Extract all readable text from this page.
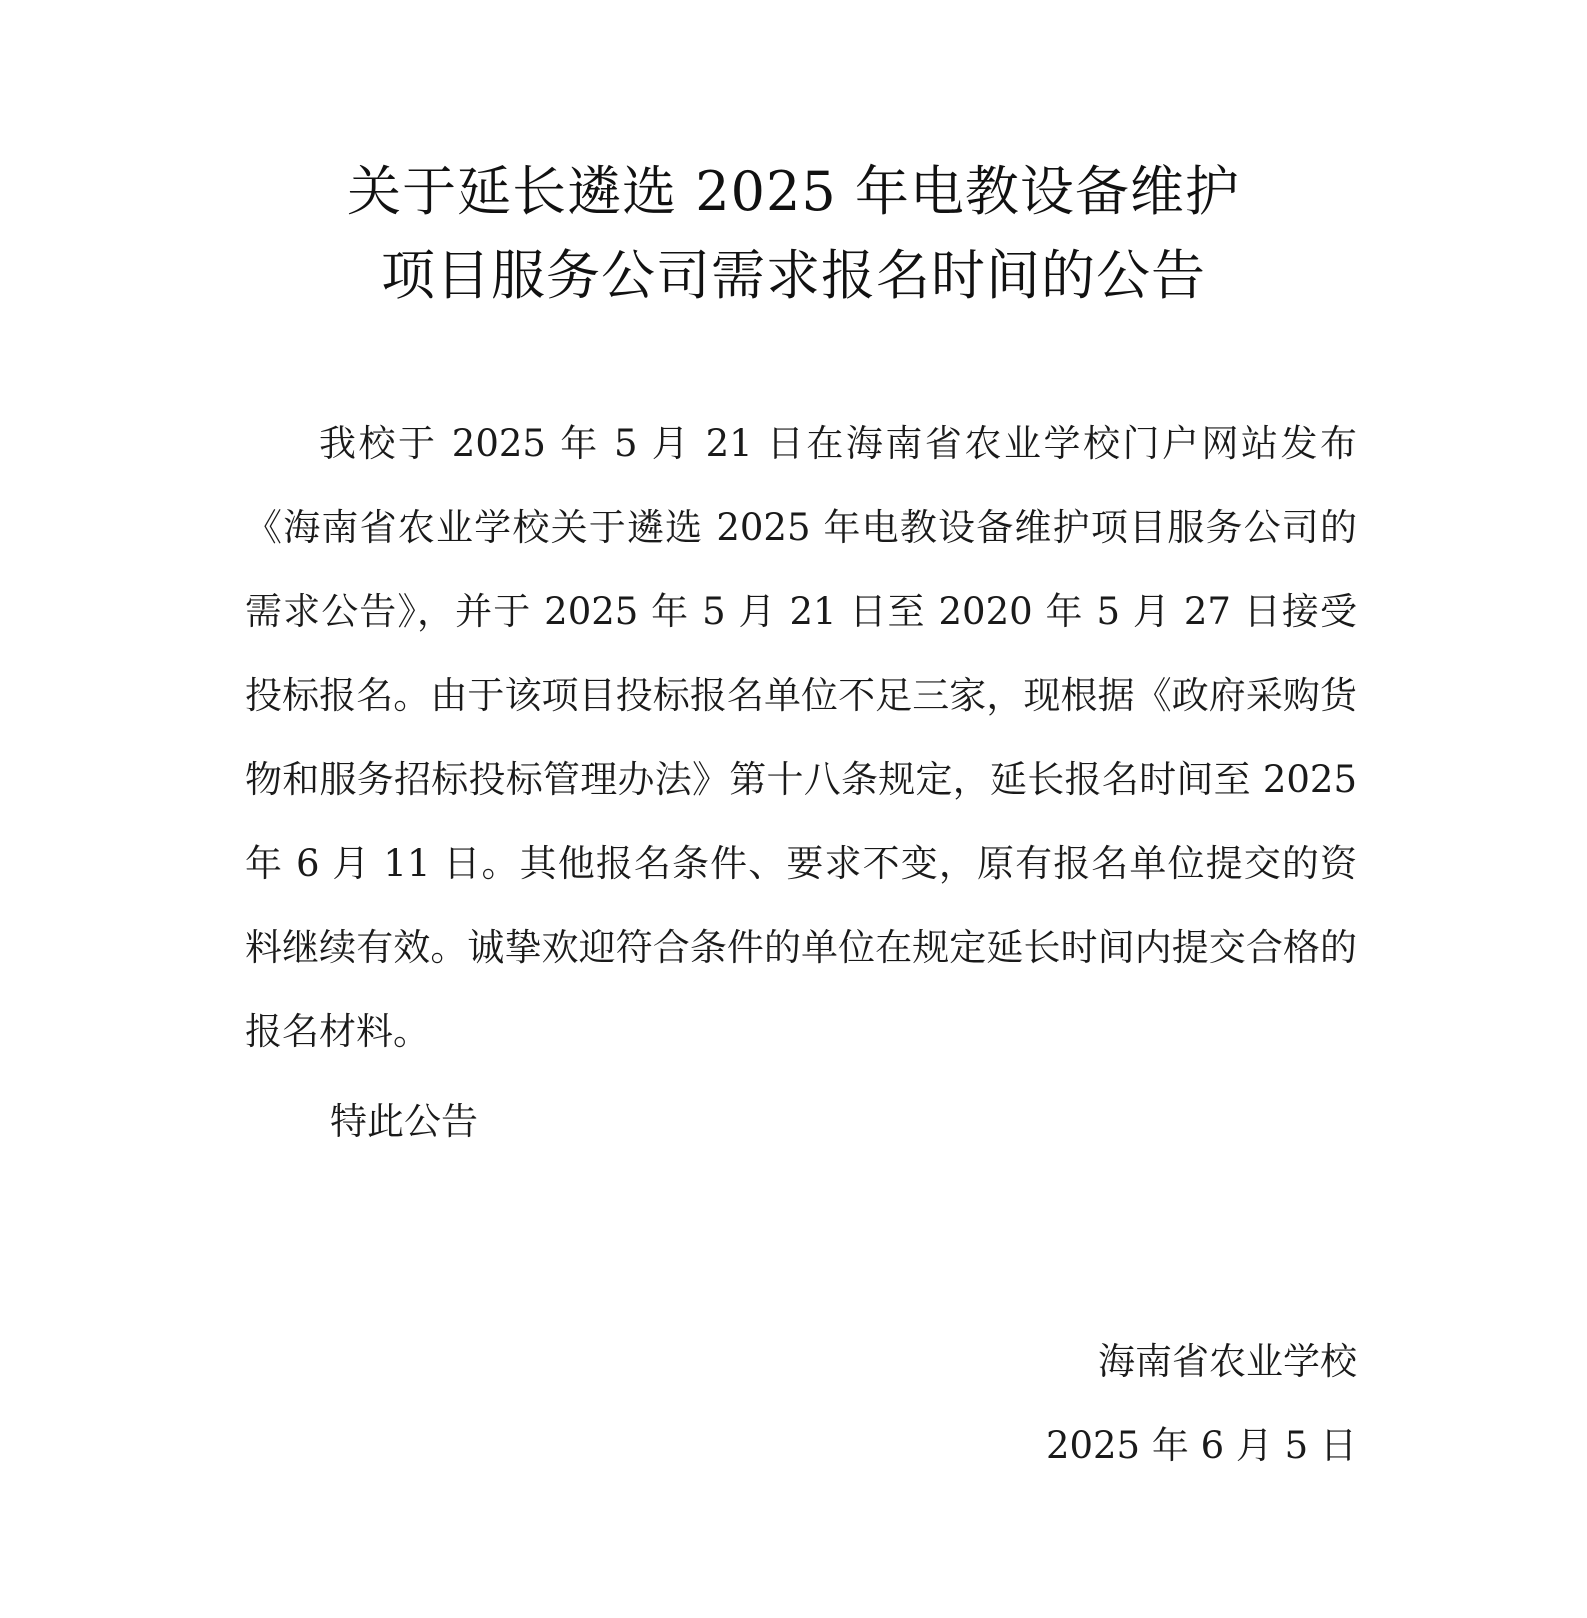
关于延长遴选 2025 年电教设备维护
项目服务公司需求报名时间的公告

我校于 2025 年 5 月 21 日在海南省农业学校门户网站发布《海南省农业学校关于遴选 2025 年电教设备维护项目服务公司的需求公告》，并于 2025 年 5 月 21 日至 2020 年 5 月 27 日接受投标报名。由于该项目投标报名单位不足三家，现根据《政府采购货物和服务招标投标管理办法》第十八条规定，延长报名时间至 2025 年 6 月 11 日。其他报名条件、要求不变，原有报名单位提交的资料继续有效。诚挚欢迎符合条件的单位在规定延长时间内提交合格的报名材料。

特此公告

海南省农业学校
2025 年 6 月 5 日
